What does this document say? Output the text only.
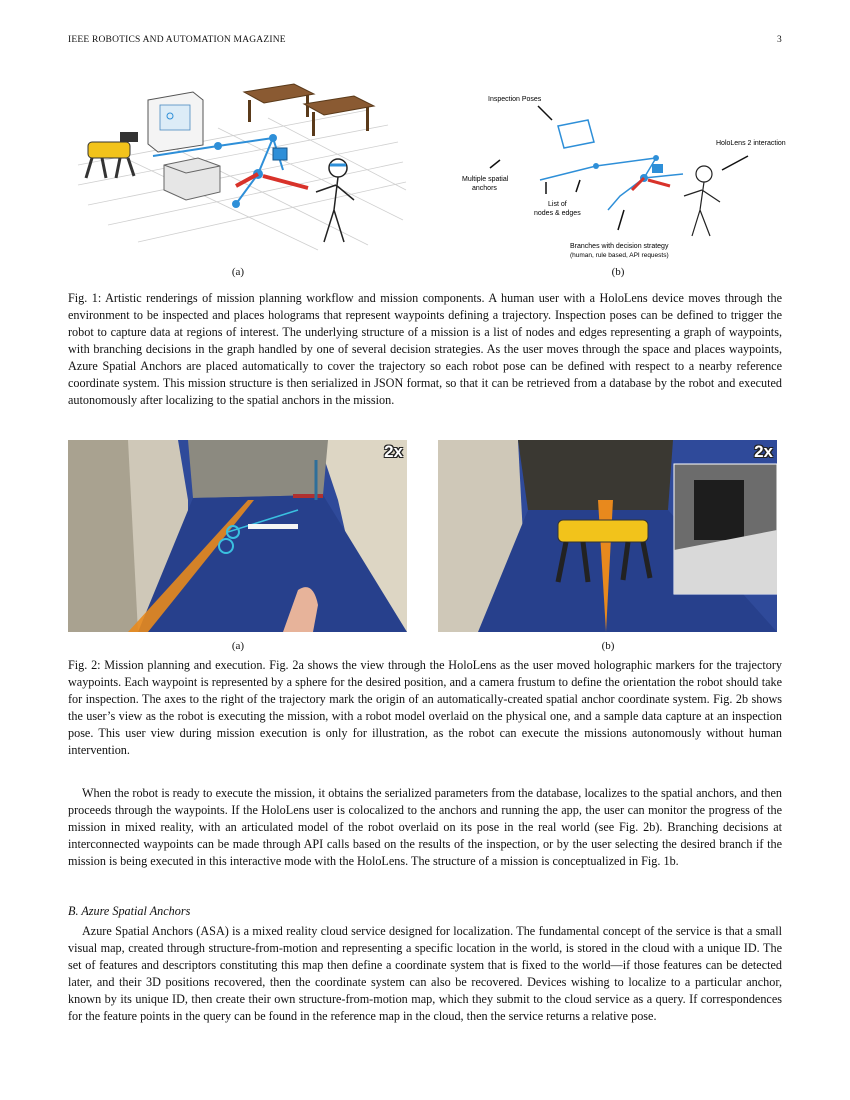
IEEE ROBOTICS AND AUTOMATION MAGAZINE	3
Inspection Poses
HoloLens 2 interaction
Multiple spatial
anchors
List of
nodes & edges
Branches with decision strategy
(human, rule based, API requests)
(a)	(b)
Fig. 1: Artistic renderings of mission planning workflow and mission components. A human user with a HoloLens device moves through the environment to be inspected and places holograms that represent waypoints defining a trajectory. Inspection poses can be defined to trigger the robot to capture data at regions of interest. The underlying structure of a mission is a list of nodes and edges representing a graph of waypoints, with branching decisions in the graph handled by one of several decision strategies. As the user moves through the space and places waypoints, Azure Spatial Anchors are placed automatically to cover the trajectory so each robot pose can be defined with respect to a nearby reference coordinate system. This mission structure is then serialized in JSON format, so that it can be retrieved from a database by the robot and executed autonomously after localizing to the spatial anchors in the mission.
2x	2x
(a)	(b)
Fig. 2: Mission planning and execution. Fig. 2a shows the view through the HoloLens as the user moved holographic markers for the trajectory waypoints. Each waypoint is represented by a sphere for the desired position, and a camera frustum to define the orientation the robot should take for inspection. The axes to the right of the trajectory mark the origin of an automatically-created spatial anchor coordinate system. Fig. 2b shows the user’s view as the robot is executing the mission, with a robot model overlaid on the physical one, and a sample data capture at an inspection pose. This user view during mission execution is only for illustration, as the robot can execute the missions autonomously without human intervention.
When the robot is ready to execute the mission, it obtains the serialized parameters from the database, localizes to the spatial anchors, and then proceeds through the waypoints. If the HoloLens user is colocalized to the anchors and running the app, the user can monitor the progress of the mission in mixed reality, with an articulated model of the robot overlaid on its pose in the real world (see Fig. 2b). Branching decisions at interconnected waypoints can be made through API calls based on the results of the inspection, or by the user selecting the desired branch if the mission is being executed in this interactive mode with the HoloLens. The structure of a mission is conceptualized in Fig. 1b.
B. Azure Spatial Anchors
Azure Spatial Anchors (ASA) is a mixed reality cloud service designed for localization. The fundamental concept of the service is that a small visual map, created through structure-from-motion and representing a specific location in the world, is stored in the cloud with a unique ID. The set of features and descriptors constituting this map then define a coordinate system that is fixed to the world—if those features can be detected later, and their 3D positions recovered, then the coordinate system can also be recovered. Devices wishing to localize to a particular anchor, known by its unique ID, then create their own structure-from-motion map, which they submit to the cloud service as a query. If correspondences for the feature points in the query can be found in the reference map in the cloud, then the service returns a relative pose.
